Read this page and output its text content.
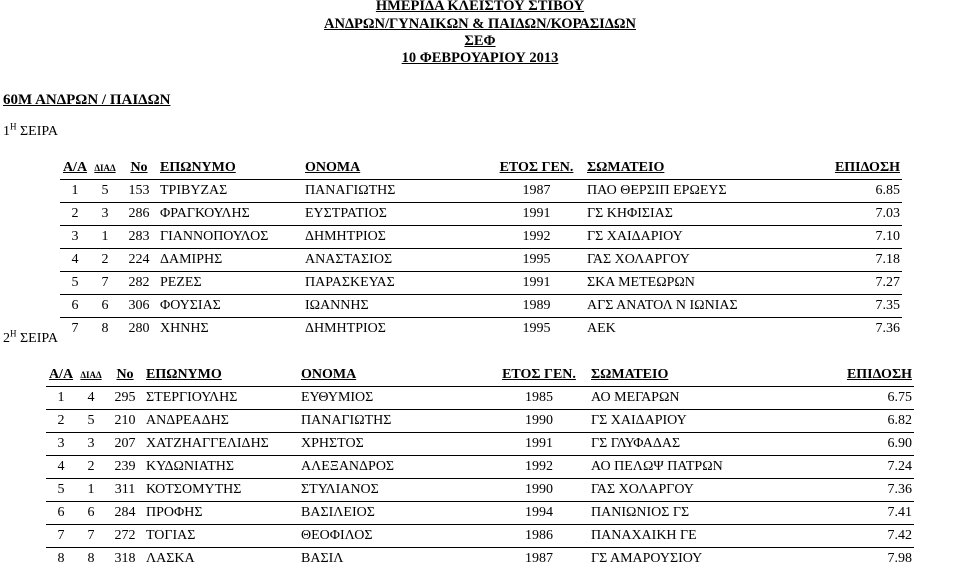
ΗΜΕΡΙΔΑ ΚΛΕΙΣΤΟΥ ΣΤΙΒΟΥ
ΑΝΔΡΩΝ/ΓΥΝΑΙΚΩΝ & ΠΑΙΔΩΝ/ΚΟΡΑΣΙΔΩΝ
ΣΕΦ
10 ΦΕΒΡΟΥΑΡΙΟΥ 2013
60Μ ΑΝΔΡΩΝ / ΠΑΙΔΩΝ
$1^H$ ΣΕΙΡΑ
Α/Α	ΔΙΑΔ	No	ΕΠΩΝΥΜΟ	ΟΝΟΜΑ	ΕΤΟΣ ΓΕΝ.	ΣΩΜΑΤΕΙΟ	ΕΠΙΔΟΣΗ
1	5	153	ΤΡΙΒΥΖΑΣ	ΠΑΝΑΓΙΩΤΗΣ	1987	ΠΑΟ ΘΕΡΣΙΠ ΕΡΩΕΥΣ	6.85
2	3	286	ΦΡΑΓΚΟΥΛΗΣ	ΕΥΣΤΡΑΤΙΟΣ	1991	ΓΣ ΚΗΦΙΣΙΑΣ	7.03
3	1	283	ΓΙΑΝΝΟΠΟΥΛΟΣ	ΔΗΜΗΤΡΙΟΣ	1992	ΓΣ ΧΑΙΔΑΡΙΟΥ	7.10
4	2	224	ΔΑΜΙΡΗΣ	ΑΝΑΣΤΑΣΙΟΣ	1995	ΓΑΣ ΧΟΛΑΡΓΟΥ	7.18
5	7	282	ΡΕΖΕΣ	ΠΑΡΑΣΚΕΥΑΣ	1991	ΣΚΑ ΜΕΤΕΩΡΩΝ	7.27
6	6	306	ΦΟΥΣΙΑΣ	ΙΩΑΝΝΗΣ	1989	ΑΓΣ ΑΝΑΤΟΛ Ν ΙΩΝΙΑΣ	7.35
7	8	280	ΧΗΝΗΣ	ΔΗΜΗΤΡΙΟΣ	1995	ΑΕΚ	7.36
$2^H$ ΣΕΙΡΑ
Α/Α	ΔΙΑΔ	No	ΕΠΩΝΥΜΟ	ΟΝΟΜΑ	ΕΤΟΣ ΓΕΝ.	ΣΩΜΑΤΕΙΟ	ΕΠΙΔΟΣΗ
1	4	295	ΣΤΕΡΓΙΟΥΛΗΣ	ΕΥΘΥΜΙΟΣ	1985	ΑΟ ΜΕΓΑΡΩΝ	6.75
2	5	210	ΑΝΔΡΕΑΔΗΣ	ΠΑΝΑΓΙΩΤΗΣ	1990	ΓΣ ΧΑΙΔΑΡΙΟΥ	6.82
3	3	207	ΧΑΤΖΗΑΓΓΕΛΙΔΗΣ	ΧΡΗΣΤΟΣ	1991	ΓΣ ΓΛΥΦΑΔΑΣ	6.90
4	2	239	ΚΥΔΩΝΙΑΤΗΣ	ΑΛΕΞΑΝΔΡΟΣ	1992	ΑΟ ΠΕΛΩΨ ΠΑΤΡΩΝ	7.24
5	1	311	ΚΟΤΣΟΜΥΤΗΣ	ΣΤΥΛΙΑΝΟΣ	1990	ΓΑΣ ΧΟΛΑΡΓΟΥ	7.36
6	6	284	ΠΡΟΦΗΣ	ΒΑΣΙΛΕΙΟΣ	1994	ΠΑΝΙΩΝΙΟΣ ΓΣ	7.41
7	7	272	ΤΟΓΙΑΣ	ΘΕΟΦΙΛΟΣ	1986	ΠΑΝΑΧΑΙΚΗ ΓΕ	7.42
8	8	318	ΛΑΣΚΑ	ΒΑΣΙΛ	1987	ΓΣ ΑΜΑΡΟΥΣΙΟΥ	7.98
